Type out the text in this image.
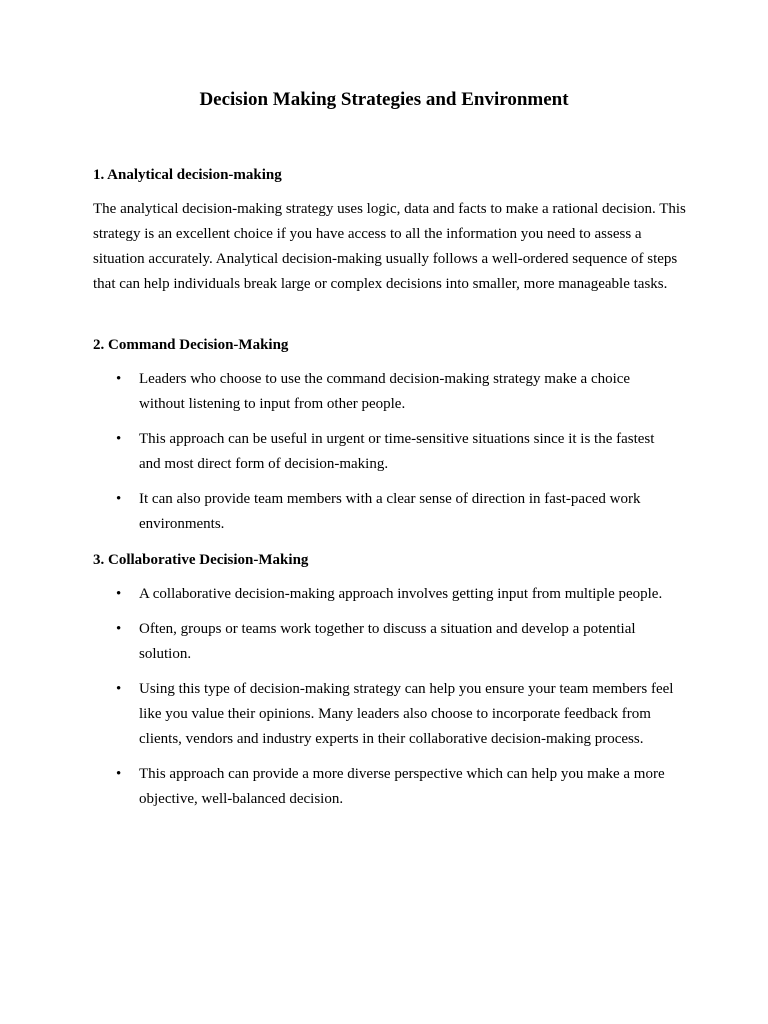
Decision Making Strategies and Environment
1. Analytical decision-making

The analytical decision-making strategy uses logic, data and facts to make a rational decision. This strategy is an excellent choice if you have access to all the information you need to assess a situation accurately. Analytical decision-making usually follows a well-ordered sequence of steps that can help individuals break large or complex decisions into smaller, more manageable tasks.

2. Command Decision-Making
• Leaders who choose to use the command decision-making strategy make a choice without listening to input from other people.
• This approach can be useful in urgent or time-sensitive situations since it is the fastest and most direct form of decision-making.
• It can also provide team members with a clear sense of direction in fast-paced work environments.
3. Collaborative Decision-Making
• A collaborative decision-making approach involves getting input from multiple people.
• Often, groups or teams work together to discuss a situation and develop a potential solution.
• Using this type of decision-making strategy can help you ensure your team members feel like you value their opinions. Many leaders also choose to incorporate feedback from clients, vendors and industry experts in their collaborative decision-making process.
• This approach can provide a more diverse perspective which can help you make a more objective, well-balanced decision.
